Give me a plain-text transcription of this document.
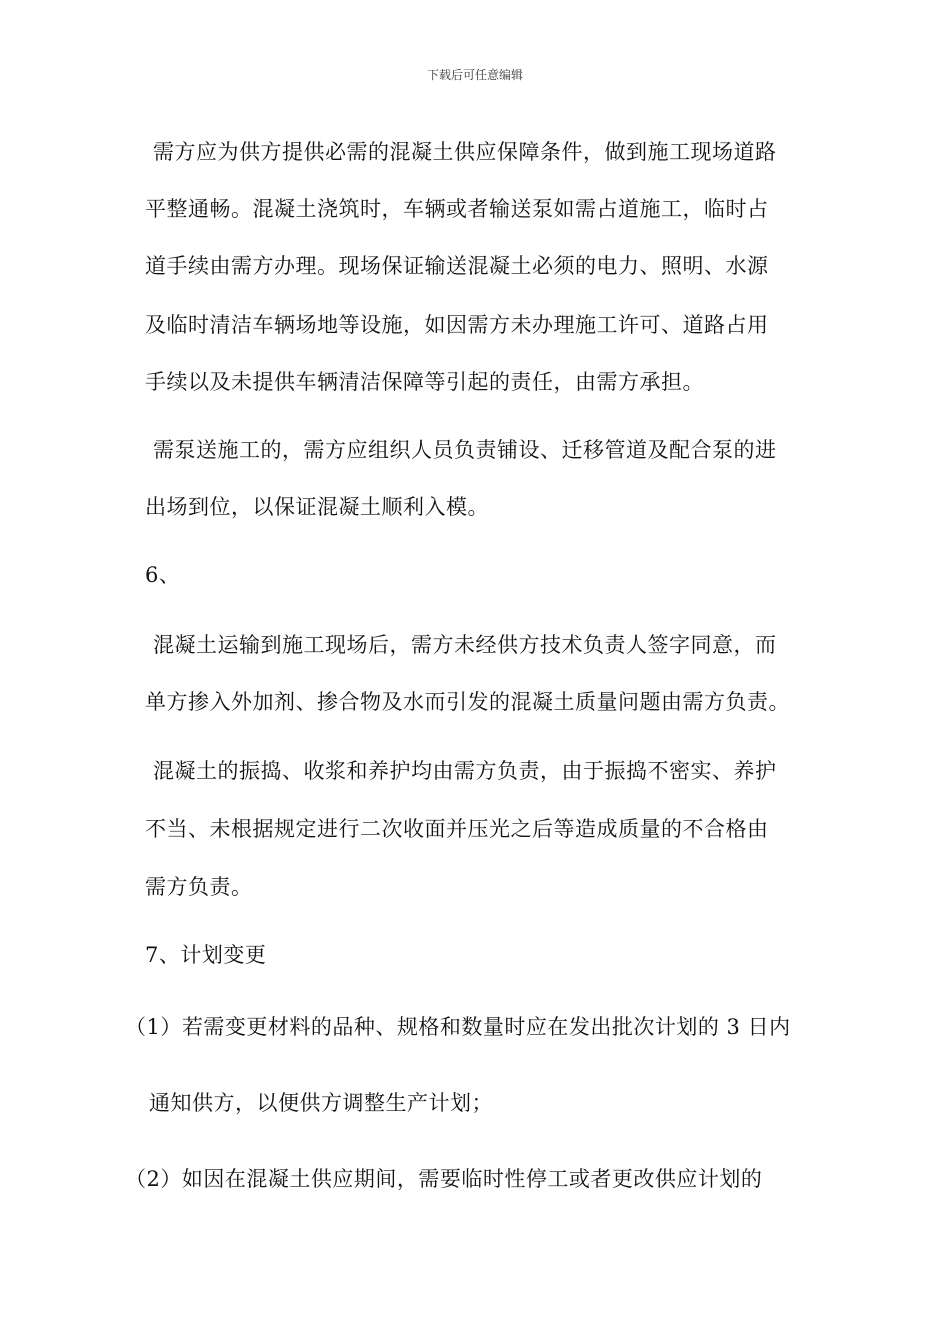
下载后可任意编辑
需方应为供方提供必需的混凝土供应保障条件，做到施工现场道路
平整通畅。混凝土浇筑时，车辆或者输送泵如需占道施工，临时占
道手续由需方办理。现场保证输送混凝土必须的电力、照明、水源
及临时清洁车辆场地等设施，如因需方未办理施工许可、道路占用
手续以及未提供车辆清洁保障等引起的责任，由需方承担。
需泵送施工的，需方应组织人员负责铺设、迁移管道及配合泵的进
出场到位，以保证混凝土顺利入模。
6、
混凝土运输到施工现场后，需方未经供方技术负责人签字同意，而
单方掺入外加剂、掺合物及水而引发的混凝土质量问题由需方负责。
混凝土的振捣、收浆和养护均由需方负责，由于振捣不密实、养护
不当、未根据规定进行二次收面并压光之后等造成质量的不合格由
需方负责。
7、计划变更
（1）若需变更材料的品种、规格和数量时应在发出批次计划的 3 日内
通知供方，以便供方调整生产计划；
（2）如因在混凝土供应期间，需要临时性停工或者更改供应计划的
